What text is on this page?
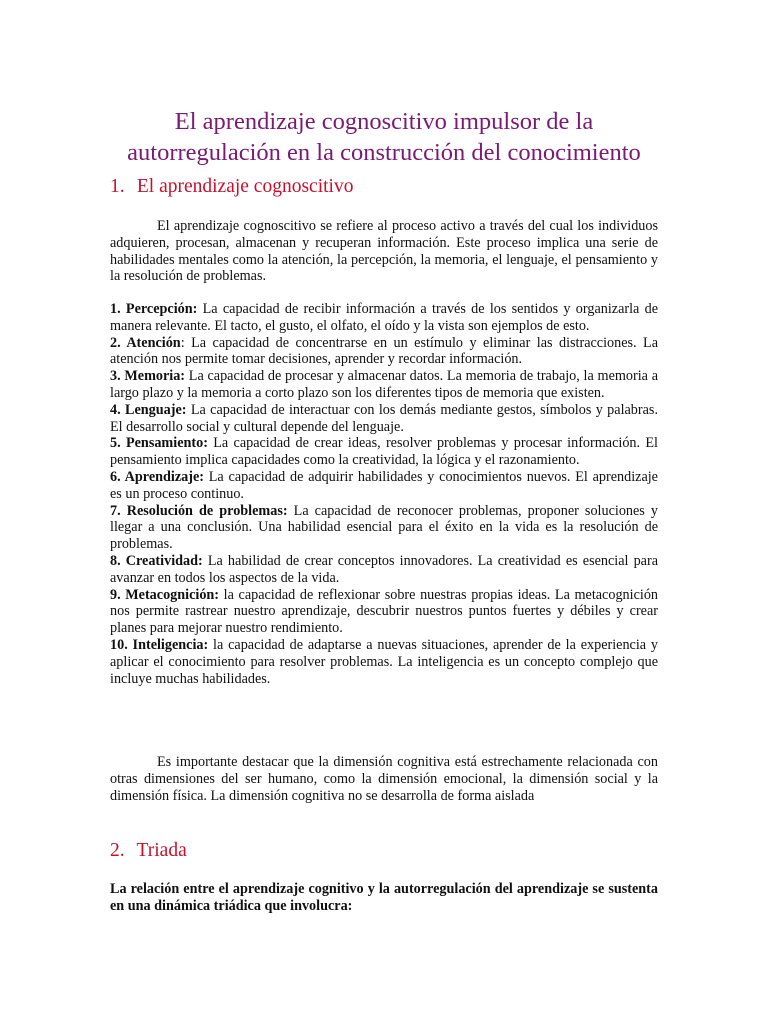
El aprendizaje cognoscitivo impulsor de la autorregulación en la construcción del conocimiento
1. El aprendizaje cognoscitivo

El aprendizaje cognoscitivo se refiere al proceso activo a través del cual los individuos adquieren, procesan, almacenan y recuperan información. Este proceso implica una serie de habilidades mentales como la atención, la percepción, la memoria, el lenguaje, el pensamiento y la resolución de problemas.

1. Percepción: La capacidad de recibir información a través de los sentidos y organizarla de manera relevante. El tacto, el gusto, el olfato, el oído y la vista son ejemplos de esto.

2. Atención: La capacidad de concentrarse en un estímulo y eliminar las distracciones. La atención nos permite tomar decisiones, aprender y recordar información.

3. Memoria: La capacidad de procesar y almacenar datos. La memoria de trabajo, la memoria a largo plazo y la memoria a corto plazo son los diferentes tipos de memoria que existen.

4. Lenguaje: La capacidad de interactuar con los demás mediante gestos, símbolos y palabras. El desarrollo social y cultural depende del lenguaje.

5. Pensamiento: La capacidad de crear ideas, resolver problemas y procesar información. El pensamiento implica capacidades como la creatividad, la lógica y el razonamiento.

6. Aprendizaje: La capacidad de adquirir habilidades y conocimientos nuevos. El aprendizaje es un proceso continuo.

7. Resolución de problemas: La capacidad de reconocer problemas, proponer soluciones y llegar a una conclusión. Una habilidad esencial para el éxito en la vida es la resolución de problemas.

8. Creatividad: La habilidad de crear conceptos innovadores. La creatividad es esencial para avanzar en todos los aspectos de la vida.

9. Metacognición: la capacidad de reflexionar sobre nuestras propias ideas. La metacognición nos permite rastrear nuestro aprendizaje, descubrir nuestros puntos fuertes y débiles y crear planes para mejorar nuestro rendimiento.

10. Inteligencia: la capacidad de adaptarse a nuevas situaciones, aprender de la experiencia y aplicar el conocimiento para resolver problemas. La inteligencia es un concepto complejo que incluye muchas habilidades.

Es importante destacar que la dimensión cognitiva está estrechamente relacionada con otras dimensiones del ser humano, como la dimensión emocional, la dimensión social y la dimensión física. La dimensión cognitiva no se desarrolla de forma aislada

2. Triada

La relación entre el aprendizaje cognitivo y la autorregulación del aprendizaje se sustenta en una dinámica triádica que involucra:
